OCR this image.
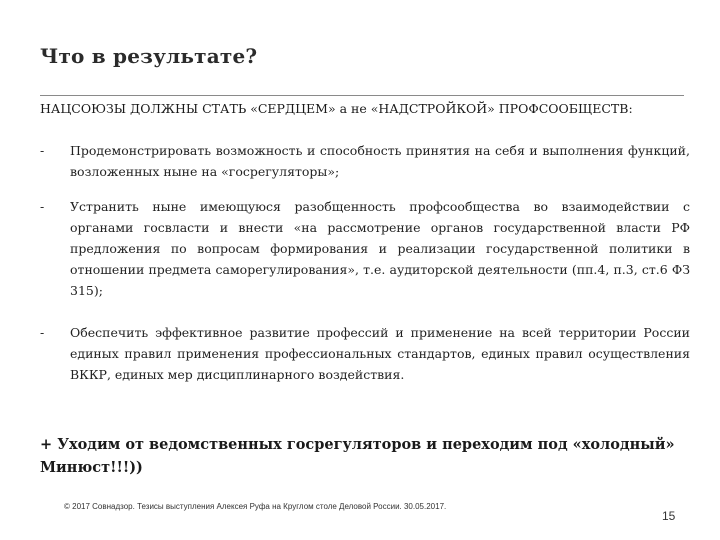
Что в результате?
НАЦСОЮЗЫ ДОЛЖНЫ СТАТЬ «СЕРДЦЕМ» а не «НАДСТРОЙКОЙ» ПРОФСООБЩЕСТВ:
- Продемонстрировать возможность и способность принятия на себя и выполнения функций, возложенных ныне на «госрегуляторы»;
- Устранить ныне имеющуюся разобщенность профсообщества во взаимодействии с органами госвласти и внести «на рассмотрение органов государственной власти РФ предложения по вопросам формирования и реализации государственной политики в отношении предмета саморегулирования», т.е. аудиторской деятельности (пп.4, п.3, ст.6 ФЗ 315);
- Обеспечить эффективное развитие профессий и применение на всей территории России единых правил применения профессиональных стандартов, единых правил осуществления ВККР, единых мер дисциплинарного воздействия.
+ Уходим от ведомственных госрегуляторов и переходим под «холодный» Минюст!!!))
© 2017 Совнадзор. Тезисы выступления Алексея Руфа на Круглом столе Деловой России. 30.05.2017.
15
